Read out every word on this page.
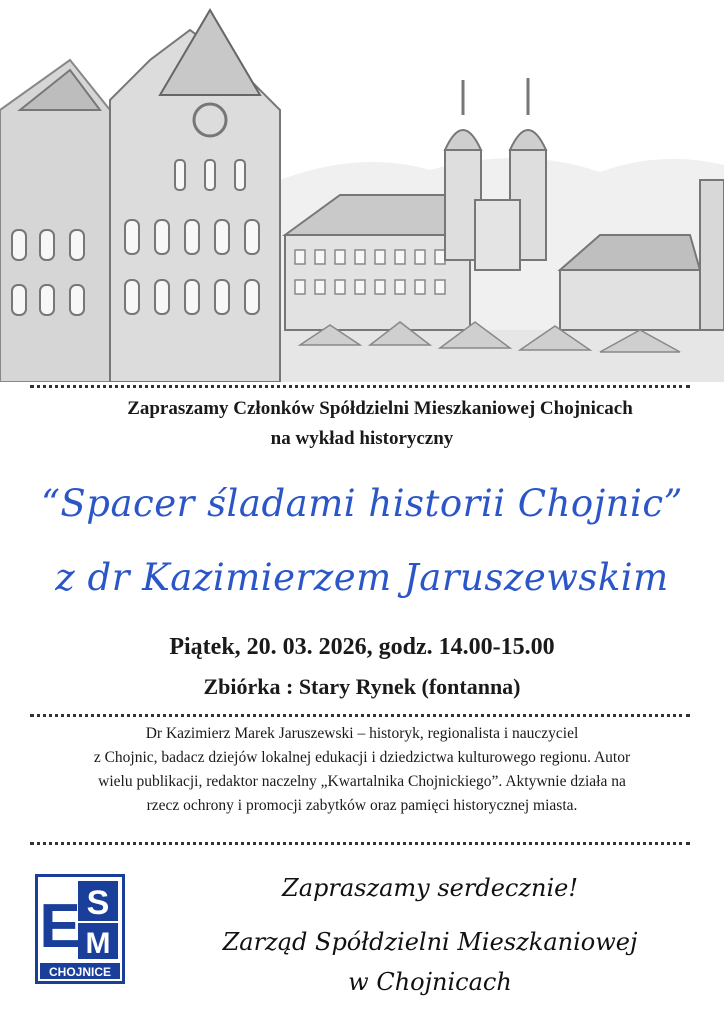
Zapraszamy Członków Spółdzielni Mieszkaniowej Chojnicach
na wykład historyczny
“Spacer śladami historii Chojnic”
z dr Kazimierzem Jaruszewskim
Piątek, 20. 03. 2026, godz. 14.00-15.00
Zbiórka : Stary Rynek (fontanna)
Dr Kazimierz Marek Jaruszewski – historyk, regionalista i nauczyciel
z Chojnic, badacz dziejów lokalnej edukacji i dziedzictwa kulturowego regionu. Autor
wielu publikacji, redaktor naczelny „Kwartalnika Chojnickiego”. Aktywnie działa na
rzecz ochrony i promocji zabytków oraz pamięci historycznej miasta.
E S
M
CHOJNICE
Zapraszamy serdecznie!
Zarząd Spółdzielni Mieszkaniowej
w Chojnicach
